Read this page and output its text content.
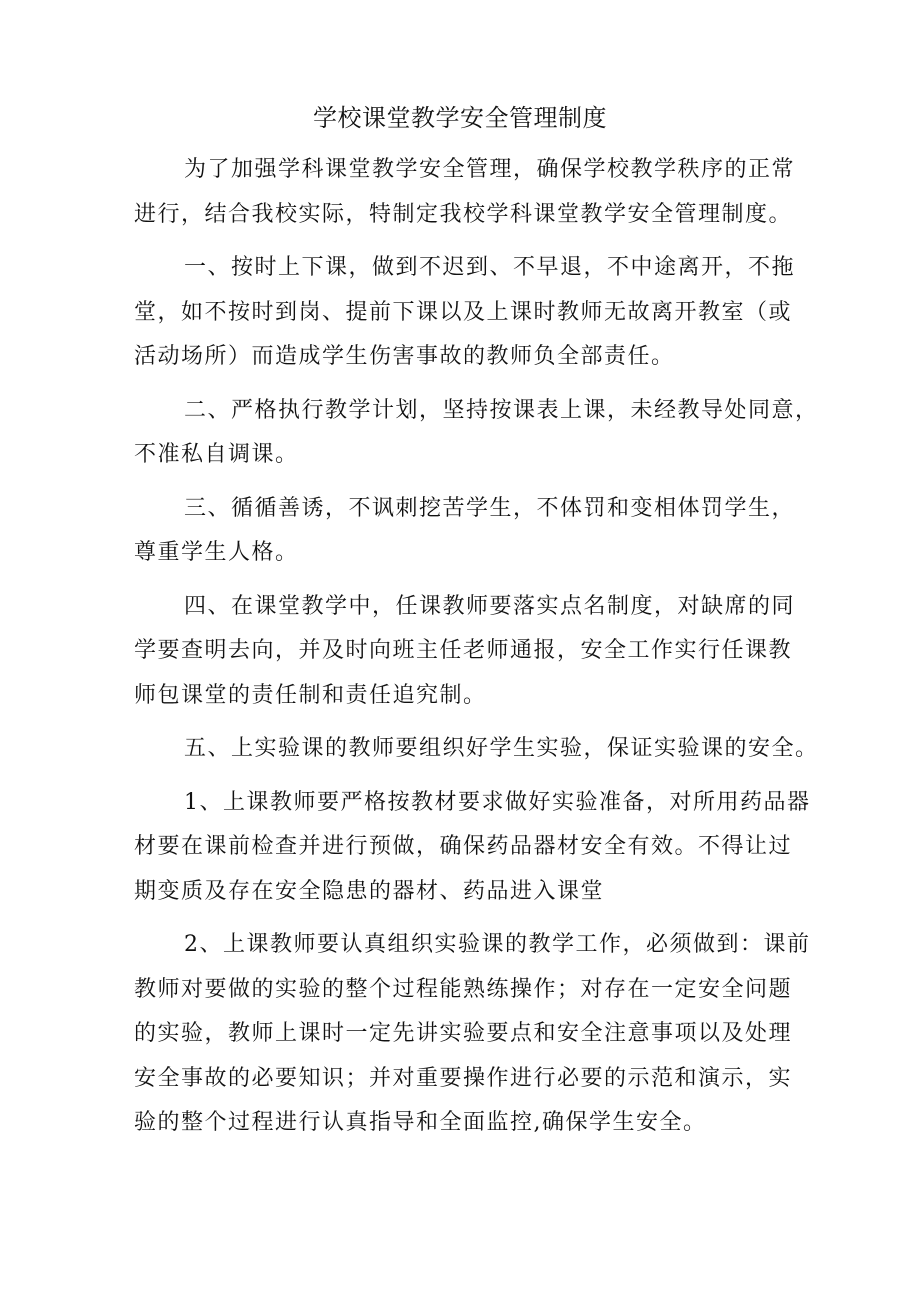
学校课堂教学安全管理制度
为了加强学科课堂教学安全管理，确保学校教学秩序的正常
进行，结合我校实际，特制定我校学科课堂教学安全管理制度。
一、按时上下课，做到不迟到、不早退，不中途离开，不拖
堂，如不按时到岗、提前下课以及上课时教师无故离开教室（或
活动场所）而造成学生伤害事故的教师负全部责任。
二、严格执行教学计划，坚持按课表上课，未经教导处同意，
不准私自调课。
三、循循善诱，不讽刺挖苦学生，不体罚和变相体罚学生，
尊重学生人格。
四、在课堂教学中，任课教师要落实点名制度，对缺席的同
学要查明去向，并及时向班主任老师通报，安全工作实行任课教
师包课堂的责任制和责任追究制。
五、上实验课的教师要组织好学生实验，保证实验课的安全。
1、上课教师要严格按教材要求做好实验准备，对所用药品器
材要在课前检查并进行预做，确保药品器材安全有效。不得让过
期变质及存在安全隐患的器材、药品进入课堂
2、上课教师要认真组织实验课的教学工作，必须做到：课前
教师对要做的实验的整个过程能熟练操作；对存在一定安全问题
的实验，教师上课时一定先讲实验要点和安全注意事项以及处理
安全事故的必要知识；并对重要操作进行必要的示范和演示，实
验的整个过程进行认真指导和全面监控,确保学生安全。
